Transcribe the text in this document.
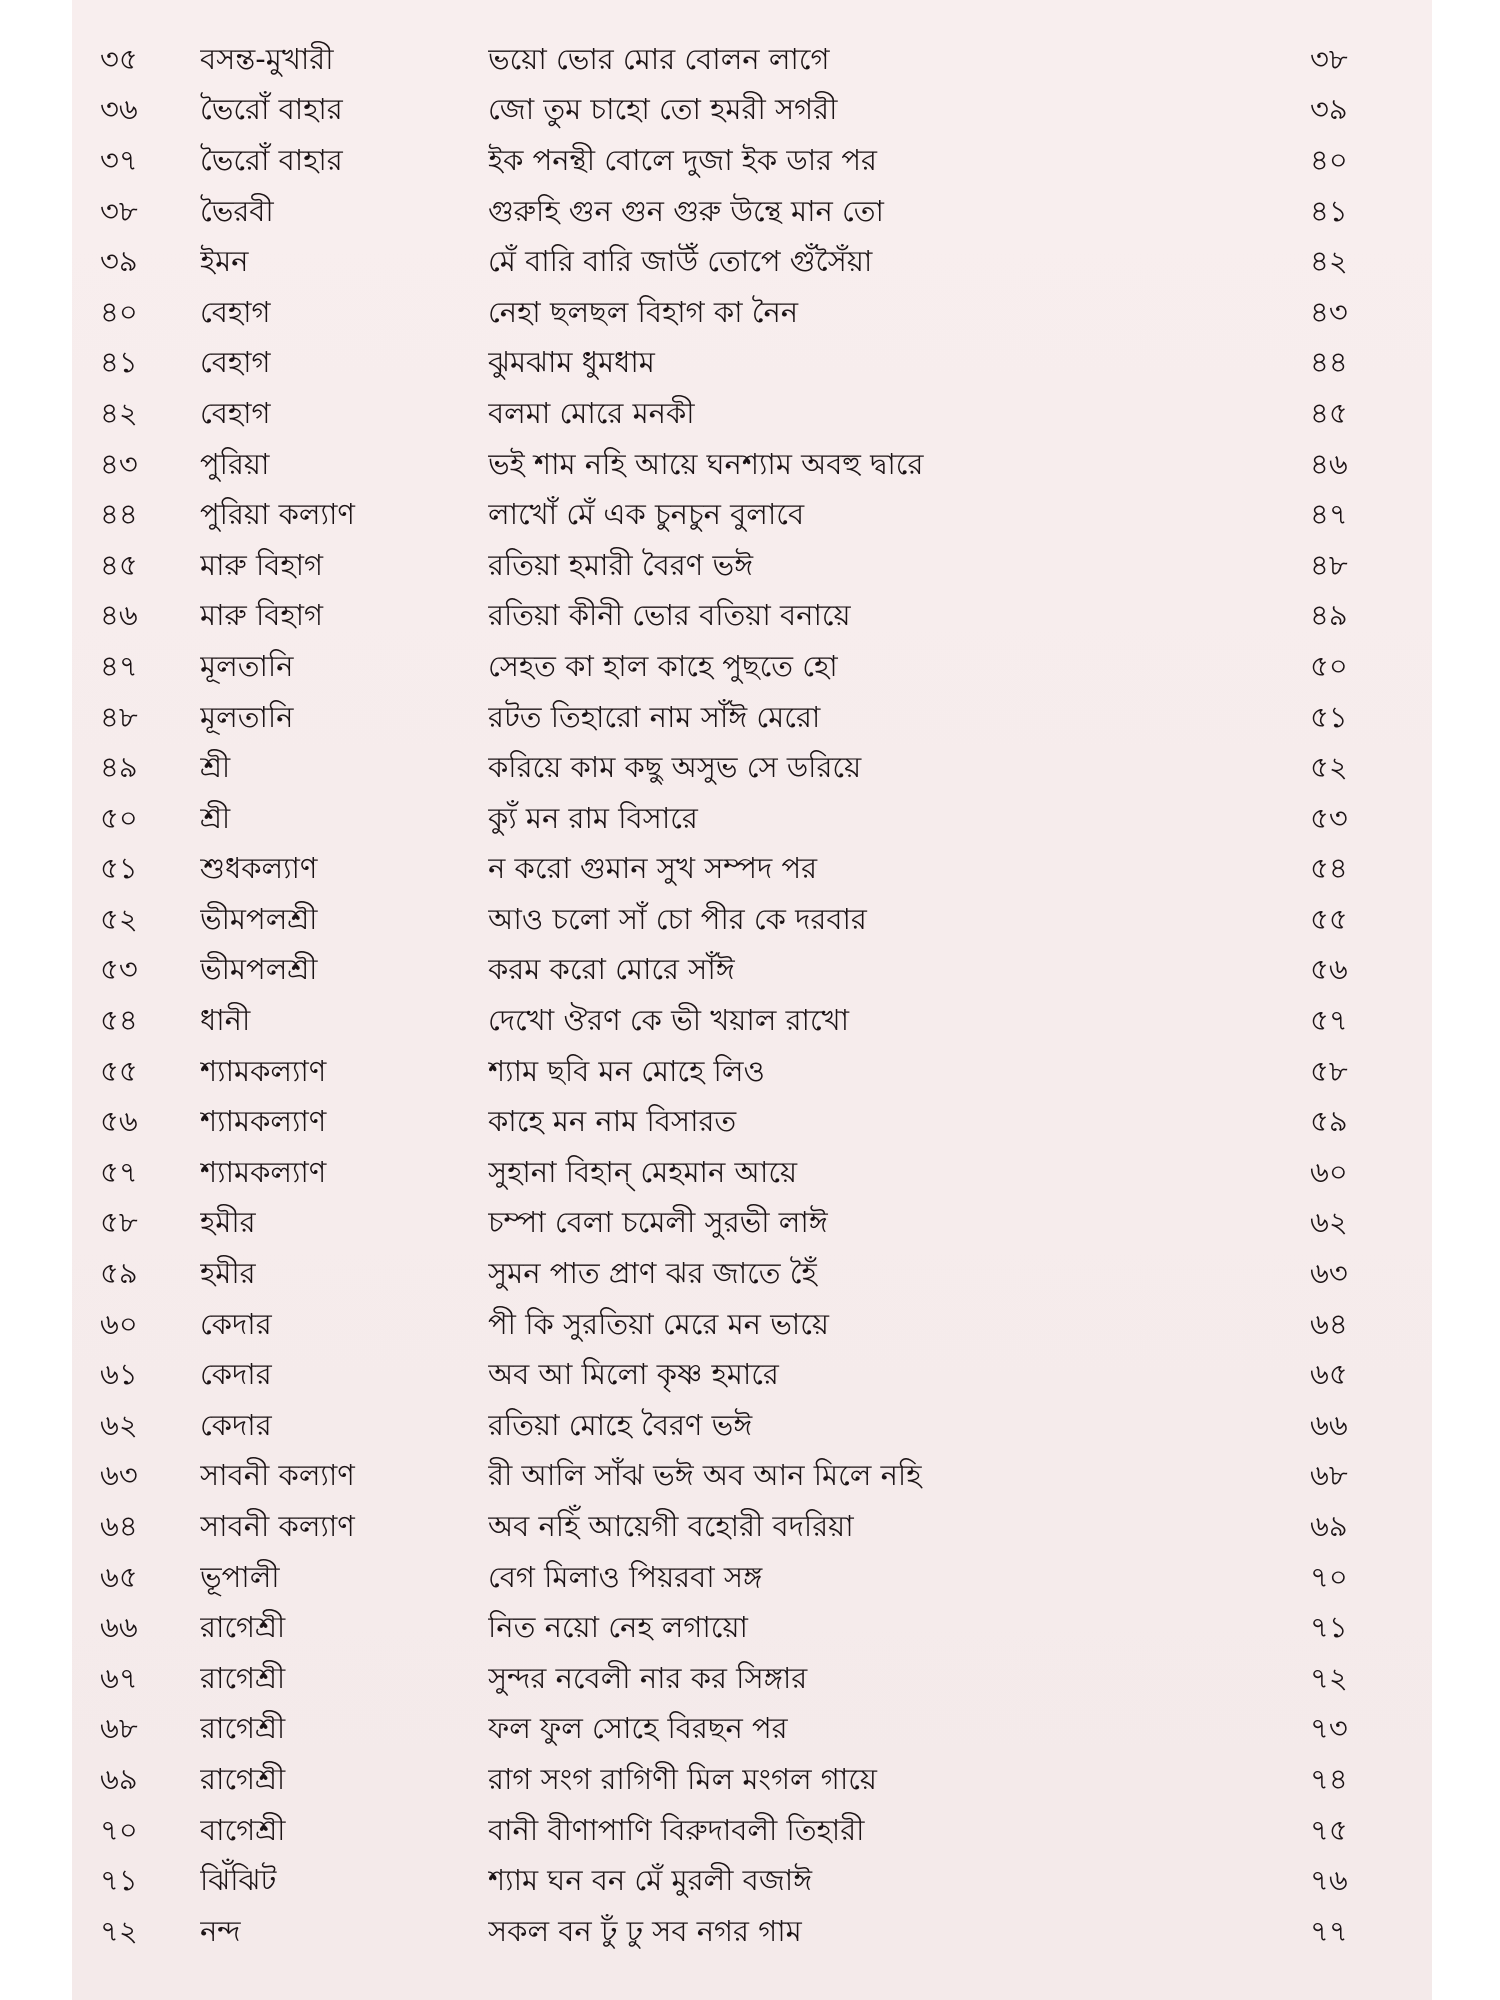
৩৫	বসন্ত-মুখারী	ভয়ো ভোর মোর বোলন লাগে	৩৮
৩৬	ভৈরোঁ বাহার	জো তুম চাহো তো হমরী সগরী	৩৯
৩৭	ভৈরোঁ বাহার	ইক পনন্থী বোলে দুজা ইক ডার পর	৪০
৩৮	ভৈরবী	গুরুহি গুন গুন গুরু উন্থে মান তো	৪১
৩৯	ইমন	মেঁ বারি বারি জাউঁ তোপে গুঁসৈঁয়া	৪২
৪০	বেহাগ	নেহা ছলছল বিহাগ কা নৈন	৪৩
৪১	বেহাগ	ঝুমঝাম ধুমধাম	৪৪
৪২	বেহাগ	বলমা মোরে মনকী	৪৫
৪৩	পুরিয়া	ভই শাম নহি আয়ে ঘনশ্যাম অবহু দ্বারে	৪৬
৪৪	পুরিয়া কল্যাণ	লাখোঁ মেঁ এক চুনচুন বুলাবে	৪৭
৪৫	মারু বিহাগ	রতিয়া হমারী বৈরণ ভঈ	৪৮
৪৬	মারু বিহাগ	রতিয়া কীনী ভোর বতিয়া বনায়ে	৪৯
৪৭	মূলতানি	সেহত কা হাল কাহে পুছতে হো	৫০
৪৮	মূলতানি	রটত তিহারো নাম সাঁঈ মেরো	৫১
৪৯	শ্রী	করিয়ে কাম কছু অসুভ সে ডরিয়ে	৫২
৫০	শ্রী	ক্যুঁ মন রাম বিসারে	৫৩
৫১	শুধকল্যাণ	ন করো গুমান সুখ সম্পদ পর	৫৪
৫২	ভীমপলশ্রী	আও চলো সাঁ চো পীর কে দরবার	৫৫
৫৩	ভীমপলশ্রী	করম করো মোরে সাঁঈ	৫৬
৫৪	ধানী	দেখো ঔরণ কে ভী খয়াল রাখো	৫৭
৫৫	শ্যামকল্যাণ	শ্যাম ছবি মন মোহে লিও	৫৮
৫৬	শ্যামকল্যাণ	কাহে মন নাম বিসারত	৫৯
৫৭	শ্যামকল্যাণ	সুহানা বিহান্ মেহমান আয়ে	৬০
৫৮	হমীর	চম্পা বেলা চমেলী সুরভী লাঈ	৬২
৫৯	হমীর	সুমন পাত প্রাণ ঝর জাতে হৈঁ	৬৩
৬০	কেদার	পী কি সুরতিয়া মেরে মন ভায়ে	৬৪
৬১	কেদার	অব আ মিলো কৃষ্ণ হমারে	৬৫
৬২	কেদার	রতিয়া মোহে বৈরণ ভঈ	৬৬
৬৩	সাবনী কল্যাণ	রী আলি সাঁঝ ভঈ অব আন মিলে নহি	৬৮
৬৪	সাবনী কল্যাণ	অব নহিঁ আয়েগী বহোরী বদরিয়া	৬৯
৬৫	ভূপালী	বেগ মিলাও পিয়রবা সঙ্গ	৭০
৬৬	রাগেশ্রী	নিত নয়ো নেহ লগায়ো	৭১
৬৭	রাগেশ্রী	সুন্দর নবেলী নার কর সিঙ্গার	৭২
৬৮	রাগেশ্রী	ফল ফুল সোহে বিরছন পর	৭৩
৬৯	রাগেশ্রী	রাগ সংগ রাগিণী মিল মংগল গায়ে	৭৪
৭০	বাগেশ্রী	বানী বীণাপাণি বিরুদাবলী তিহারী	৭৫
৭১	ঝিঁঝিট	শ্যাম ঘন বন মেঁ মুরলী বজাঈ	৭৬
৭২	নন্দ	সকল বন ঢুঁ ঢু সব নগর গাম	৭৭
